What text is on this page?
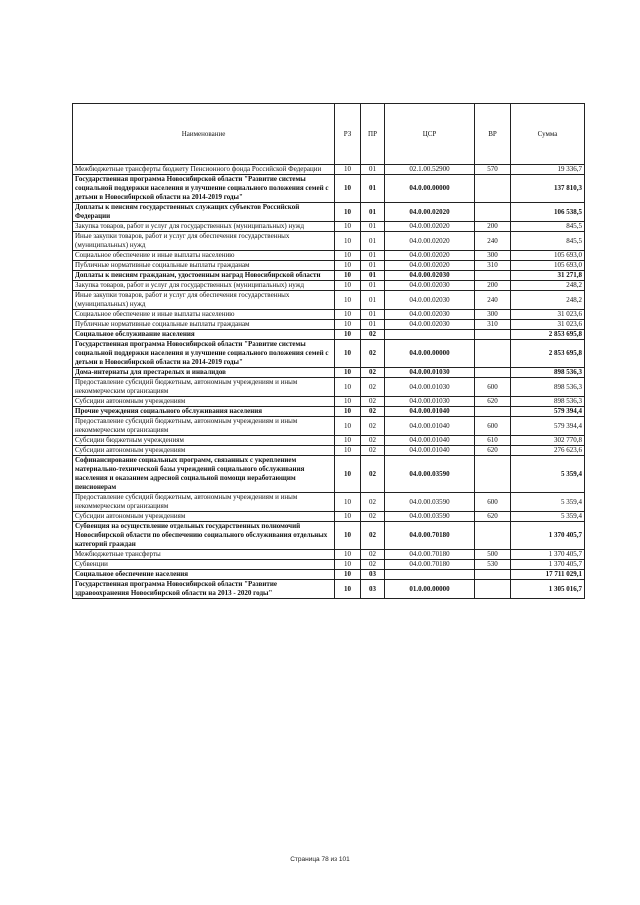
Наименование	РЗ	ПР	ЦСР	ВР	Сумма
Межбюджетные трансферты бюджету Пенсионного фонда Российской Федерации	10	01	02.1.00.52900	570	19 336,7
Государственная программа Новосибирской области "Развитие системы социальной поддержки населения и улучшение социального положения семей с детьми в Новосибирской области на 2014-2019 годы"	10	01	04.0.00.00000		137 810,3
Доплаты к пенсиям государственных служащих субъектов Российской Федерации	10	01	04.0.00.02020		106 538,5
Закупка товаров, работ и услуг для государственных (муниципальных) нужд	10	01	04.0.00.02020	200	845,5
Иные закупки товаров, работ и услуг для обеспечения государственных (муниципальных) нужд	10	01	04.0.00.02020	240	845,5
Социальное обеспечение и иные выплаты населению	10	01	04.0.00.02020	300	105 693,0
Публичные нормативные социальные выплаты гражданам	10	01	04.0.00.02020	310	105 693,0
Доплаты к пенсиям гражданам, удостоенным наград Новосибирской области	10	01	04.0.00.02030		31 271,8
Закупка товаров, работ и услуг для государственных (муниципальных) нужд	10	01	04.0.00.02030	200	248,2
Иные закупки товаров, работ и услуг для обеспечения государственных (муниципальных) нужд	10	01	04.0.00.02030	240	248,2
Социальное обеспечение и иные выплаты населению	10	01	04.0.00.02030	300	31 023,6
Публичные нормативные социальные выплаты гражданам	10	01	04.0.00.02030	310	31 023,6
Социальное обслуживание населения	10	02			2 853 695,8
Государственная программа Новосибирской области "Развитие системы социальной поддержки населения и улучшение социального положения семей с детьми в Новосибирской области на 2014-2019 годы"	10	02	04.0.00.00000		2 853 695,8
Дома-интернаты для престарелых и инвалидов	10	02	04.0.00.01030		898 536,3
Предоставление субсидий бюджетным, автономным учреждениям и иным некоммерческим организациям	10	02	04.0.00.01030	600	898 536,3
Субсидии автономным учреждениям	10	02	04.0.00.01030	620	898 536,3
Прочие учреждения социального обслуживания населения	10	02	04.0.00.01040		579 394,4
Предоставление субсидий бюджетным, автономным учреждениям и иным некоммерческим организациям	10	02	04.0.00.01040	600	579 394,4
Субсидии бюджетным учреждениям	10	02	04.0.00.01040	610	302 770,8
Субсидии автономным учреждениям	10	02	04.0.00.01040	620	276 623,6
Софинансирование социальных программ, связанных с укреплением материально-технической базы учреждений социального обслуживания населения и оказанием адресной социальной помощи неработающим пенсионерам	10	02	04.0.00.03590		5 359,4
Предоставление субсидий бюджетным, автономным учреждениям и иным некоммерческим организациям	10	02	04.0.00.03590	600	5 359,4
Субсидии автономным учреждениям	10	02	04.0.00.03590	620	5 359,4
Субвенция на осуществление отдельных государственных полномочий Новосибирской области по обеспечению социального обслуживания отдельных категорий граждан	10	02	04.0.00.70180		1 370 405,7
Межбюджетные трансферты	10	02	04.0.00.70180	500	1 370 405,7
Субвенции	10	02	04.0.00.70180	530	1 370 405,7
Социальное обеспечение населения	10	03			17 711 029,1
Государственная программа Новосибирской области "Развитие здравоохранения Новосибирской области на 2013 - 2020 годы"	10	03	01.0.00.00000		1 305 016,7
Страница 78 из 101
